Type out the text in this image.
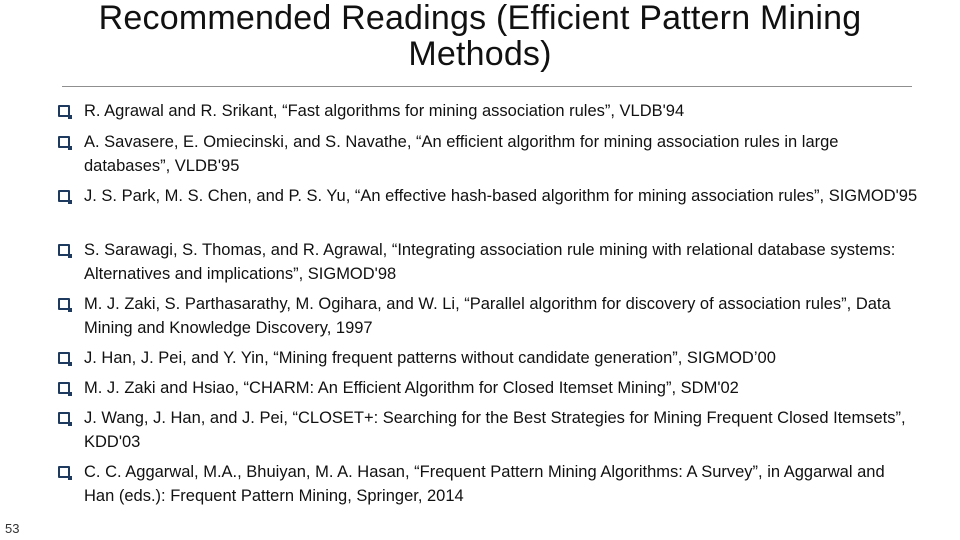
Recommended Readings (Efficient Pattern Mining Methods)
R. Agrawal and R. Srikant, “Fast algorithms for mining association rules”, VLDB'94
A. Savasere, E. Omiecinski, and S. Navathe, “An efficient algorithm for mining association rules in large databases”, VLDB'95
J. S. Park, M. S. Chen, and P. S. Yu, “An effective hash-based algorithm for mining association rules”, SIGMOD'95
S. Sarawagi, S. Thomas, and R. Agrawal, “Integrating association rule mining with relational database systems: Alternatives and implications”, SIGMOD'98
M. J. Zaki, S. Parthasarathy, M. Ogihara, and W. Li, “Parallel algorithm for discovery of association rules”, Data Mining and Knowledge Discovery, 1997
J. Han, J. Pei, and Y. Yin, “Mining frequent patterns without candidate generation”, SIGMOD’00
M. J. Zaki and Hsiao, “CHARM: An Efficient Algorithm for Closed Itemset Mining”, SDM'02
J. Wang, J. Han, and J. Pei, “CLOSET+: Searching for the Best Strategies for Mining Frequent Closed Itemsets”, KDD'03
C. C. Aggarwal, M.A., Bhuiyan, M. A. Hasan, “Frequent Pattern Mining Algorithms: A Survey”, in Aggarwal and Han (eds.): Frequent Pattern Mining, Springer, 2014
53
